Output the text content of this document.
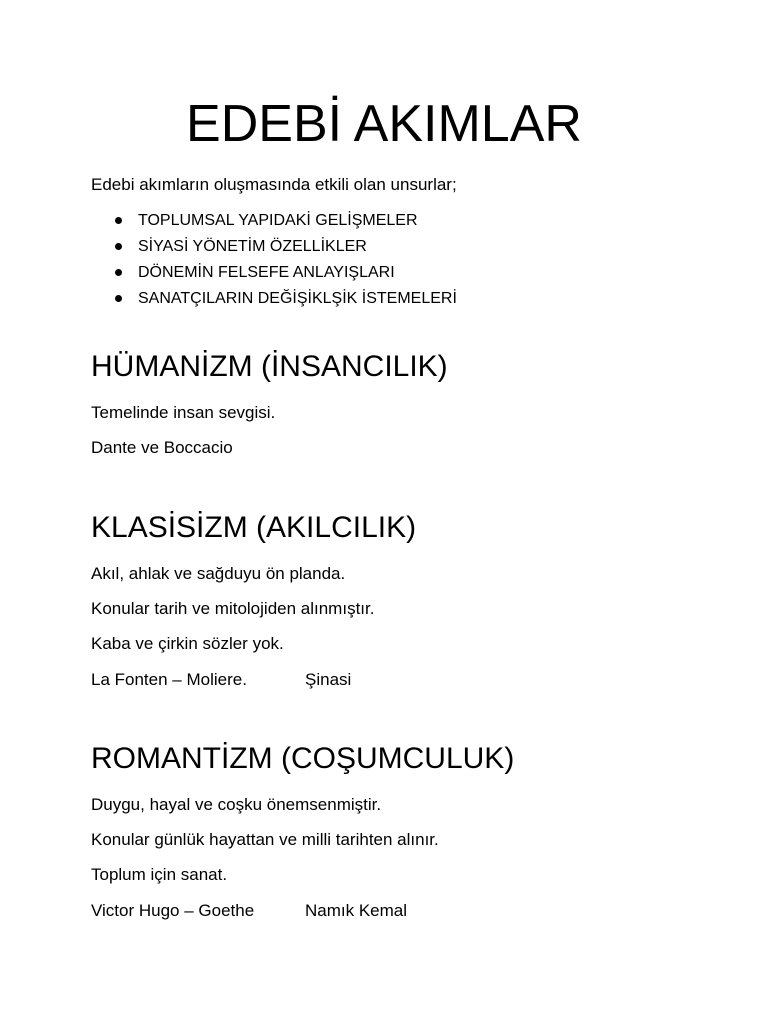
EDEBİ AKIMLAR

Edebi akımların oluşmasında etkili olan unsurlar;

TOPLUMSAL YAPIDAKİ GELİŞMELER
SİYASİ YÖNETİM ÖZELLİKLER
DÖNEMİN FELSEFE ANLAYIŞLARI
SANATÇILARIN DEĞİŞİKLŞİK İSTEMELERİ
HÜMANİZM (İNSANCILIK)

Temelinde insan sevgisi.

Dante ve Boccacio

KLASİSİZM (AKILCILIK)

Akıl, ahlak ve sağduyu ön planda.

Konular tarih ve mitolojiden alınmıştır.

Kaba ve çirkin sözler yok.

La Fonten – Moliere.	Şinasi

ROMANTİZM (COŞUMCULUK)

Duygu, hayal ve coşku önemsenmiştir.

Konular günlük hayattan ve milli tarihten alınır.

Toplum için sanat.

Victor Hugo – Goethe	Namık Kemal
